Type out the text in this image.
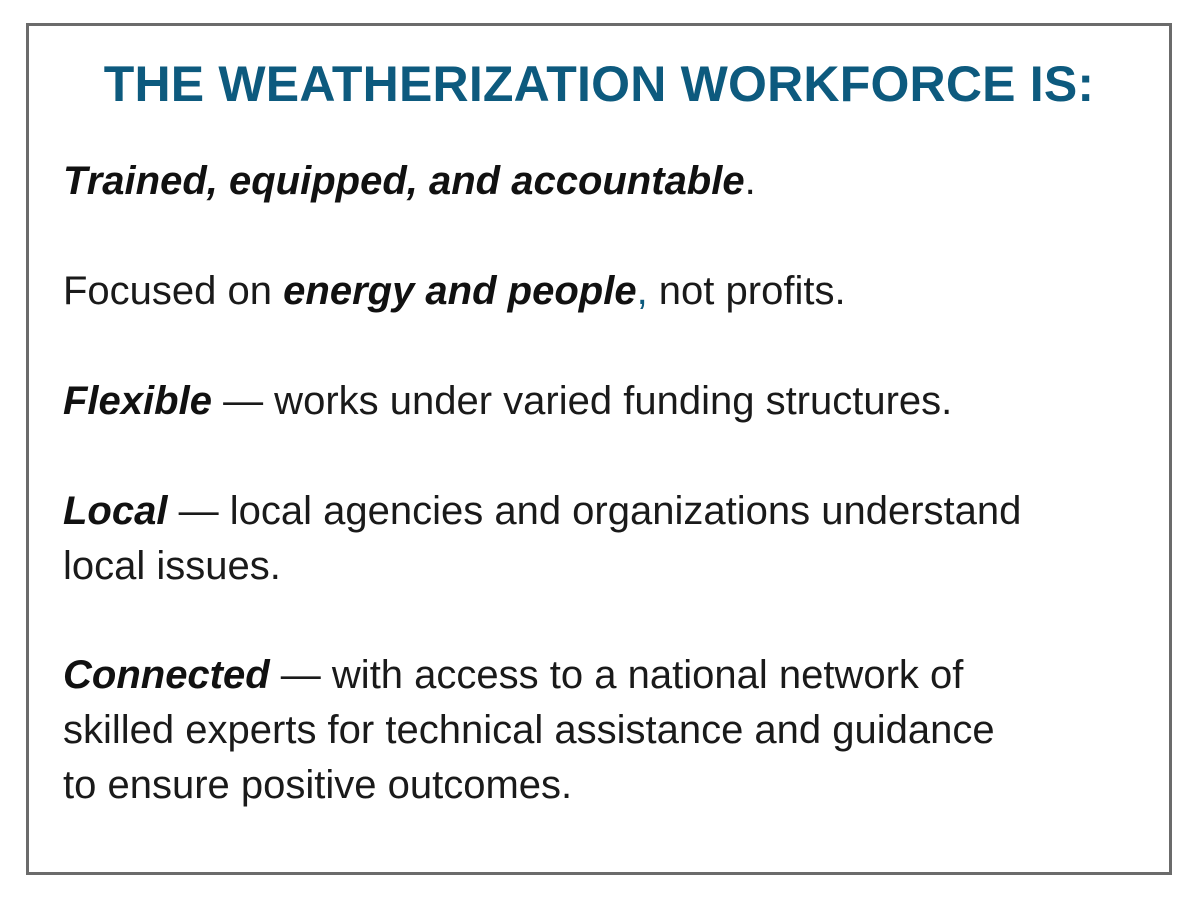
THE WEATHERIZATION WORKFORCE IS:

Trained, equipped, and accountable.

Focused on energy and people, not profits.

Flexible — works under varied funding structures.

Local — local agencies and organizations understand
local issues.

Connected — with access to a national network of
skilled experts for technical assistance and guidance
to ensure positive outcomes.
